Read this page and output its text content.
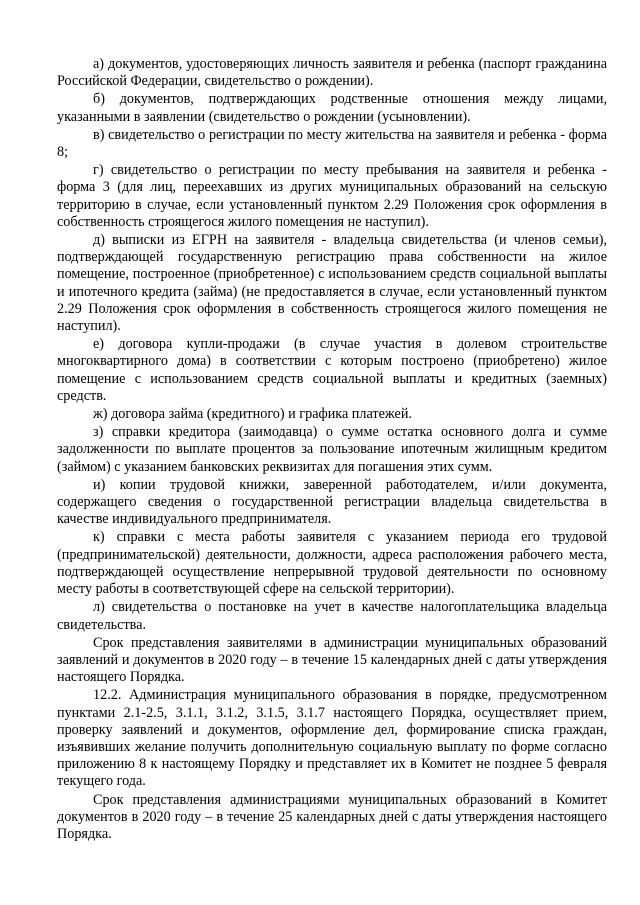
а) документов, удостоверяющих личность заявителя и ребенка (паспорт гражданина Российской Федерации, свидетельство о рождении).

б) документов, подтверждающих родственные отношения между лицами, указанными в заявлении (свидетельство о рождении (усыновлении).

в) свидетельство о регистрации по месту жительства на заявителя и ребенка - форма 8;

г) свидетельство о регистрации по месту пребывания на заявителя и ребенка - форма 3 (для лиц, переехавших из других муниципальных образований на сельскую территорию в случае, если установленный пунктом 2.29 Положения срок оформления в собственность строящегося жилого помещения не наступил).

д) выписки из ЕГРН на заявителя - владельца свидетельства (и членов семьи), подтверждающей государственную регистрацию права собственности на жилое помещение, построенное (приобретенное) с использованием средств социальной выплаты и ипотечного кредита (займа) (не предоставляется в случае, если установленный пунктом 2.29 Положения срок оформления в собственность строящегося жилого помещения не наступил).

е) договора купли-продажи (в случае участия в долевом строительстве многоквартирного дома) в соответствии с которым построено (приобретено) жилое помещение с использованием средств социальной выплаты и кредитных (заемных) средств.

ж) договора займа (кредитного) и графика платежей.

з) справки кредитора (заимодавца) о сумме остатка основного долга и сумме задолженности по выплате процентов за пользование ипотечным жилищным кредитом (займом) с указанием банковских реквизитах для погашения этих сумм.

и) копии трудовой книжки, заверенной работодателем, и/или документа, содержащего сведения о государственной регистрации владельца свидетельства в качестве индивидуального предпринимателя.

к) справки с места работы заявителя с указанием периода его трудовой (предпринимательской) деятельности, должности, адреса расположения рабочего места, подтверждающей осуществление непрерывной трудовой деятельности по основному месту работы в соответствующей сфере на сельской территории).

л) свидетельства о постановке на учет в качестве налогоплательщика владельца свидетельства.

Срок представления заявителями в администрации муниципальных образований заявлений и документов в 2020 году – в течение 15 календарных дней с даты утверждения настоящего Порядка.

12.2. Администрация муниципального образования в порядке, предусмотренном пунктами 2.1-2.5, 3.1.1, 3.1.2, 3.1.5, 3.1.7 настоящего Порядка, осуществляет прием, проверку заявлений и документов, оформление дел, формирование списка граждан, изъявивших желание получить дополнительную социальную выплату по форме согласно приложению 8 к настоящему Порядку и представляет их в Комитет не позднее 5 февраля текущего года.

Срок представления администрациями муниципальных образований в Комитет документов в 2020 году – в течение 25 календарных дней с даты утверждения настоящего Порядка.
